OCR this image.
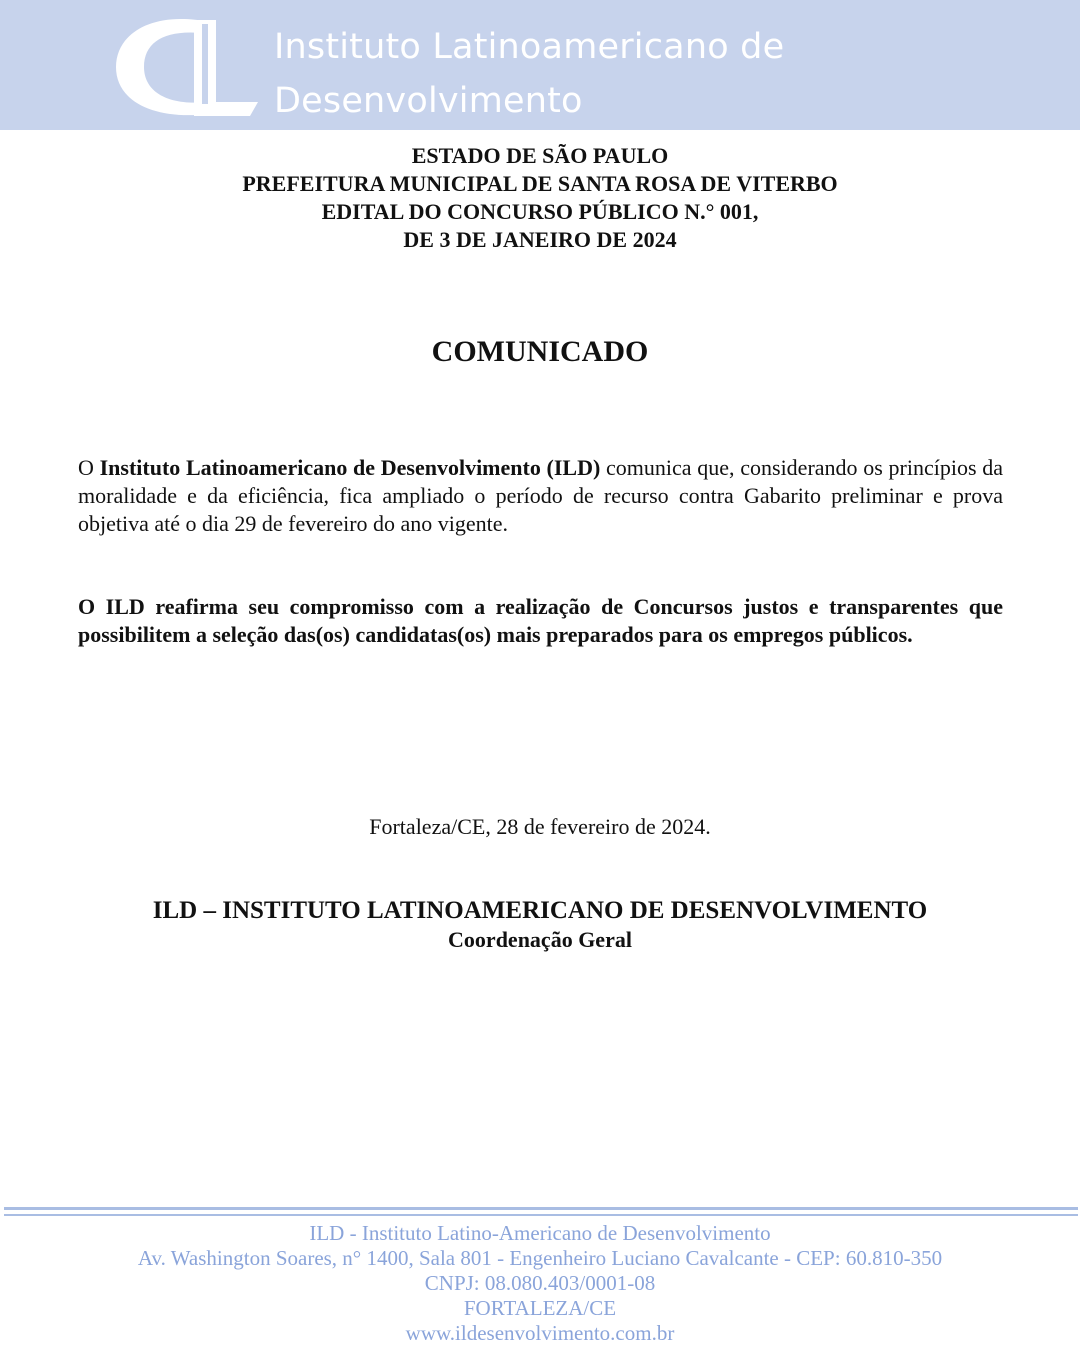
Instituto Latinoamericano de
Desenvolvimento
ESTADO DE SÃO PAULO
PREFEITURA MUNICIPAL DE SANTA ROSA DE VITERBO
EDITAL DO CONCURSO PÚBLICO N.° 001,
DE 3 DE JANEIRO DE 2024
COMUNICADO

O Instituto Latinoamericano de Desenvolvimento (ILD) comunica que, considerando os princípios da moralidade e da eficiência, fica ampliado o período de recurso contra Gabarito preliminar e prova objetiva até o dia 29 de fevereiro do ano vigente.

O ILD reafirma seu compromisso com a realização de Concursos justos e transparentes que possibilitem a seleção das(os) candidatas(os) mais preparados para os empregos públicos.

Fortaleza/CE, 28 de fevereiro de 2024.
ILD – INSTITUTO LATINOAMERICANO DE DESENVOLVIMENTO
Coordenação Geral
ILD - Instituto Latino-Americano de Desenvolvimento
Av. Washington Soares, n° 1400, Sala 801 - Engenheiro Luciano Cavalcante - CEP: 60.810-350
CNPJ: 08.080.403/0001-08
FORTALEZA/CE
www.ildesenvolvimento.com.br
